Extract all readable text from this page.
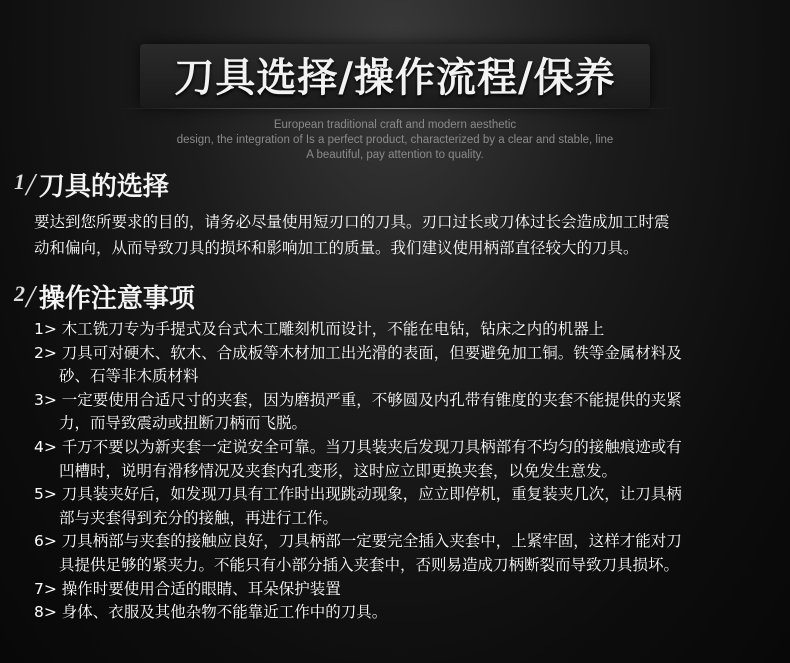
刀具选择/操作流程/保养
European traditional craft and modern aesthetic
design, the integration of Is a perfect product, characterized by a clear and stable, line
A beautiful, pay attention to quality.
$^1$/ 刀具的选择
要达到您所要求的目的，请务必尽量使用短刃口的刀具。刃口过长或刀体过长会造成加工时震
动和偏向，从而导致刀具的损坏和影响加工的质量。我们建议使用柄部直径较大的刀具。
$^2$/ 操作注意事项
1> 木工铣刀专为手提式及台式木工雕刻机而设计，不能在电钻，钻床之内的机器上
2> 刀具可对硬木、软木、合成板等木材加工出光滑的表面，但要避免加工铜。铁等金属材料及
砂、石等非木质材料
3> 一定要使用合适尺寸的夹套，因为磨损严重，不够圆及内孔带有锥度的夹套不能提供的夹紧
力，而导致震动或扭断刀柄而飞脱。
4> 千万不要以为新夹套一定说安全可靠。当刀具装夹后发现刀具柄部有不均匀的接触痕迹或有
凹槽时，说明有滑移情况及夹套内孔变形，这时应立即更换夹套，以免发生意发。
5> 刀具装夹好后，如发现刀具有工作时出现跳动现象，应立即停机，重复装夹几次，让刀具柄
部与夹套得到充分的接触，再进行工作。
6> 刀具柄部与夹套的接触应良好，刀具柄部一定要完全插入夹套中，上紧牢固，这样才能对刀
具提供足够的紧夹力。不能只有小部分插入夹套中，否则易造成刀柄断裂而导致刀具损坏。
7> 操作时要使用合适的眼睛、耳朵保护装置
8> 身体、衣服及其他杂物不能靠近工作中的刀具。
